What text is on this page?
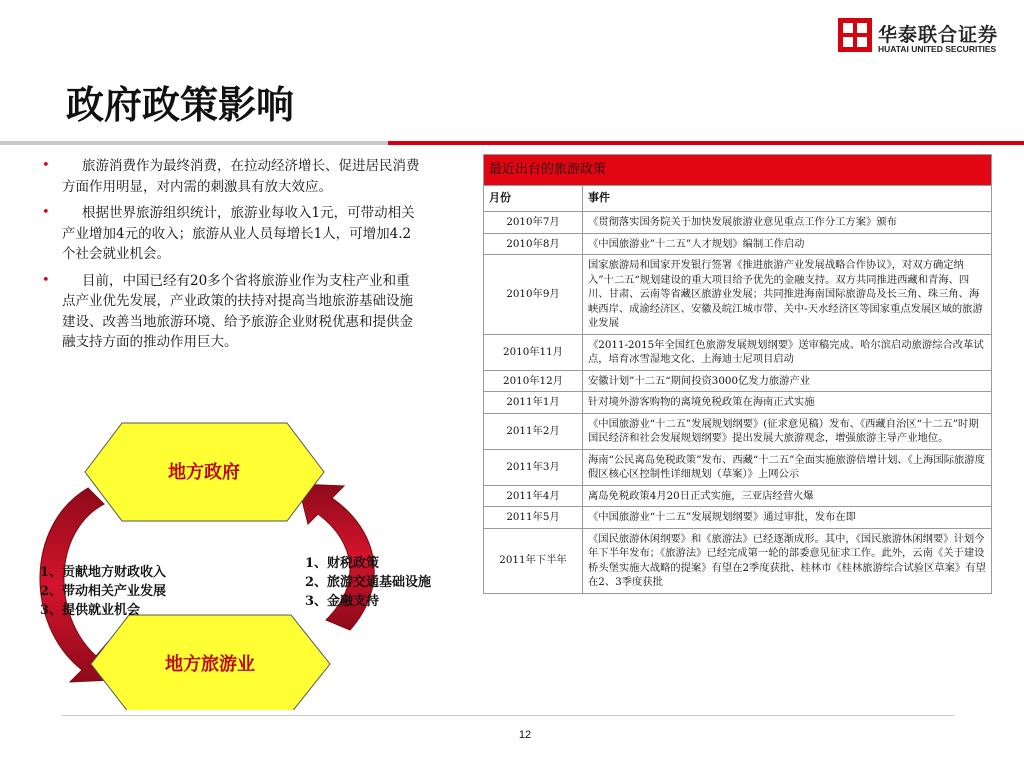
华泰联合证券
HUATAI UNITED SECURITIES
政府政策影响

• 旅游消费作为最终消费，在拉动经济增长、促进居民消费方面作用明显，对内需的刺激具有放大效应。

• 根据世界旅游组织统计，旅游业每收入1元，可带动相关产业增加4元的收入；旅游从业人员每增长1人，可增加4.2个社会就业机会。

• 目前，中国已经有20多个省将旅游业作为支柱产业和重点产业优先发展，产业政策的扶持对提高当地旅游基础设施建设、改善当地旅游环境、给予旅游企业财税优惠和提供金融支持方面的推动作用巨大。

最近出台的旅游政策	
月份	事件
2010年7月	《贯彻落实国务院关于加快发展旅游业意见重点工作分工方案》颁布
2010年8月	《中国旅游业”十二五”人才规划》编制工作启动
2010年9月	国家旅游局和国家开发银行签署《推进旅游产业发展战略合作协议》，对双方确定纳入”十二五“规划建设的重大项目给予优先的金融支持。双方共同推进西藏和青海、四川、甘肃、云南等省藏区旅游业发展；共同推进海南国际旅游岛及长三角、珠三角、海峡西岸、成渝经济区、安徽及皖江城市带、关中-天水经济区等国家重点发展区域的旅游业发展
2010年11月	《2011-2015年全国红色旅游发展规划纲要》送审稿完成、哈尔滨启动旅游综合改革试点，培育冰雪湿地文化、上海迪士尼项目启动
2010年12月	安徽计划”十二五“期间投资3000亿发力旅游产业
2011年1月	针对境外游客购物的离境免税政策在海南正式实施
2011年2月	《中国旅游业“十二五”发展规划纲要》(征求意见稿）发布、《西藏自治区“十二五”时期国民经济和社会发展规划纲要》提出发展大旅游观念，增强旅游主导产业地位。
2011年3月	海南“公民离岛免税政策”发布、西藏“十二五”全面实施旅游倍增计划、《上海国际旅游度假区核心区控制性详细规划（草案）》上网公示
2011年4月	离岛免税政策4月20日正式实施，三亚店经营火爆
2011年5月	《中国旅游业“十二五”发展规划纲要》通过审批，发布在即
2011年下半年	《国民旅游休闲纲要》和《旅游法》已经逐渐成形。其中，《国民旅游休闲纲要》计划今年下半年发布；《旅游法》已经完成第一轮的部委意见征求工作。此外，云南《关于建设桥头堡实施大战略的提案》有望在2季度获批、桂林市《桂林旅游综合试验区草案》有望在2、3季度获批
地方政府
地方旅游业
1、贡献地方财政收入
2、带动相关产业发展
3、提供就业机会
1、财税政策
2、旅游交通基础设施
3、金融支持
12
